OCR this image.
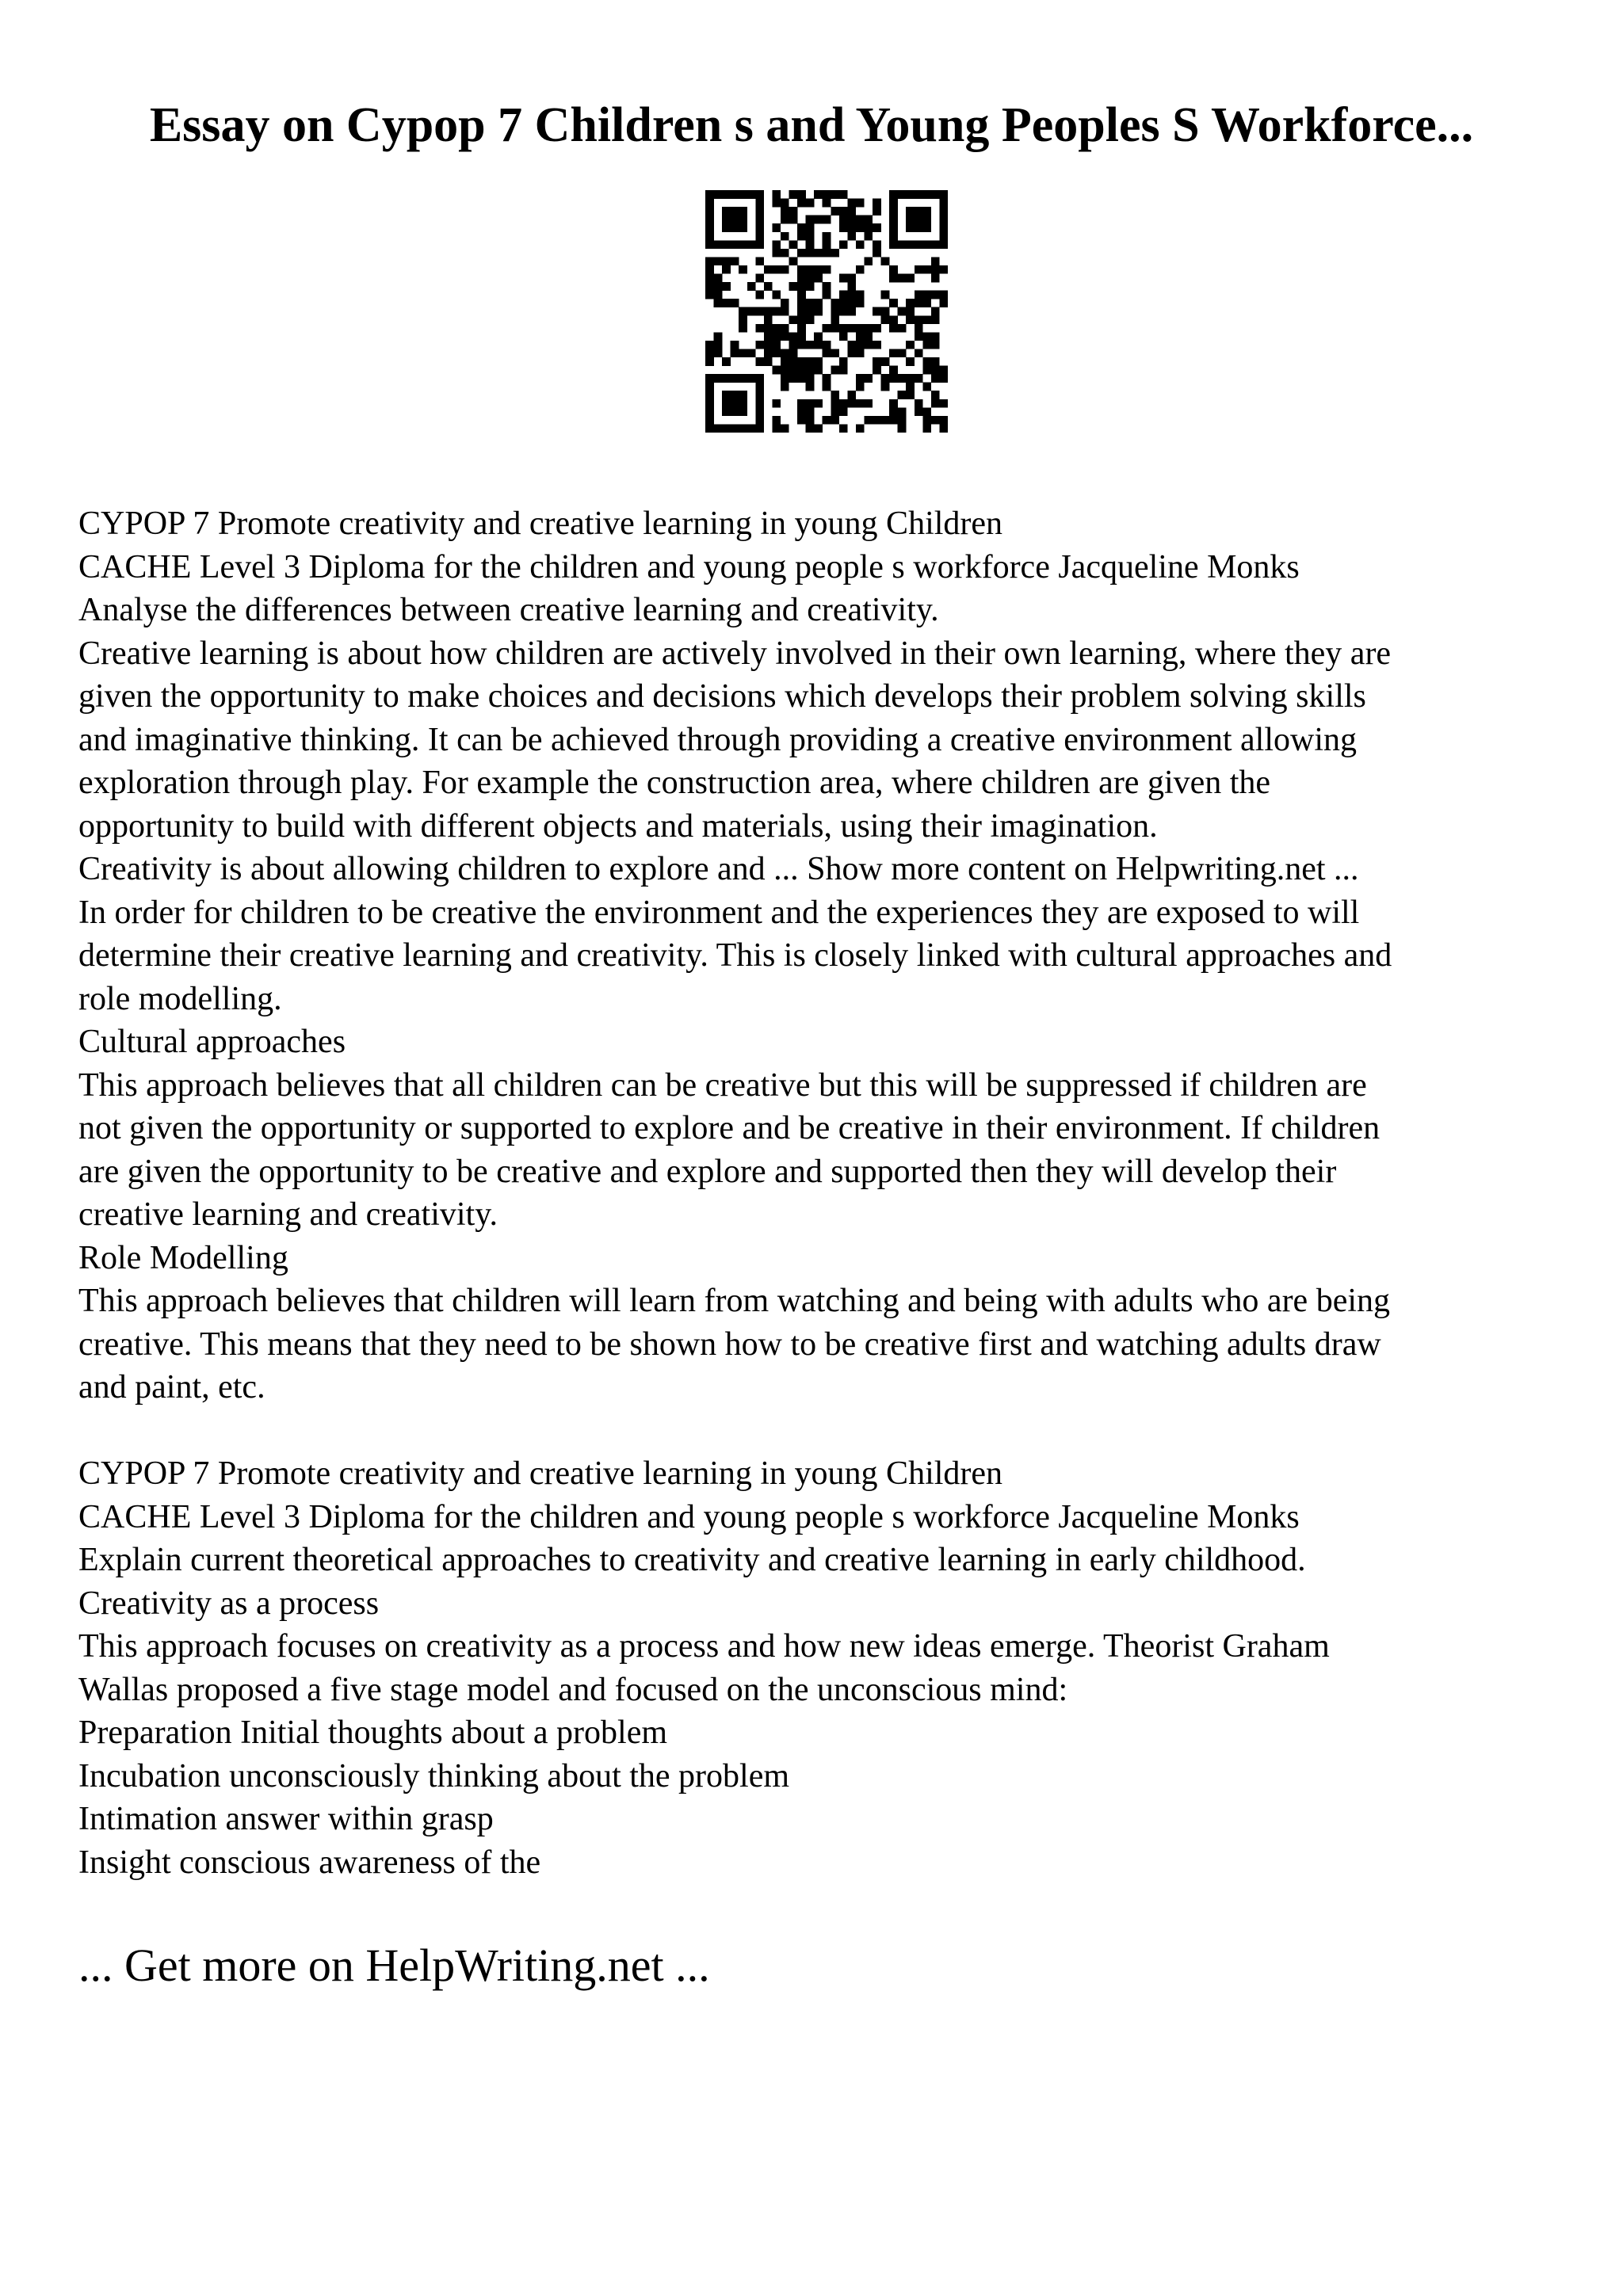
Essay on Cypop 7 Children s and Young Peoples S Workforce...
CYPOP 7 Promote creativity and creative learning in young Children
CACHE Level 3 Diploma for the children and young people s workforce Jacqueline Monks
Analyse the differences between creative learning and creativity.
Creative learning is about how children are actively involved in their own learning, where they are
given the opportunity to make choices and decisions which develops their problem solving skills
and imaginative thinking. It can be achieved through providing a creative environment allowing
exploration through play. For example the construction area, where children are given the
opportunity to build with different objects and materials, using their imagination.
Creativity is about allowing children to explore and ... Show more content on Helpwriting.net ...
In order for children to be creative the environment and the experiences they are exposed to will
determine their creative learning and creativity. This is closely linked with cultural approaches and
role modelling.
Cultural approaches
This approach believes that all children can be creative but this will be suppressed if children are
not given the opportunity or supported to explore and be creative in their environment. If children
are given the opportunity to be creative and explore and supported then they will develop their
creative learning and creativity.
Role Modelling
This approach believes that children will learn from watching and being with adults who are being
creative. This means that they need to be shown how to be creative first and watching adults draw
and paint, etc.
CYPOP 7 Promote creativity and creative learning in young Children
CACHE Level 3 Diploma for the children and young people s workforce Jacqueline Monks
Explain current theoretical approaches to creativity and creative learning in early childhood.
Creativity as a process
This approach focuses on creativity as a process and how new ideas emerge. Theorist Graham
Wallas proposed a five stage model and focused on the unconscious mind:
Preparation Initial thoughts about a problem
Incubation unconsciously thinking about the problem
Intimation answer within grasp
Insight conscious awareness of the
... Get more on HelpWriting.net ...
